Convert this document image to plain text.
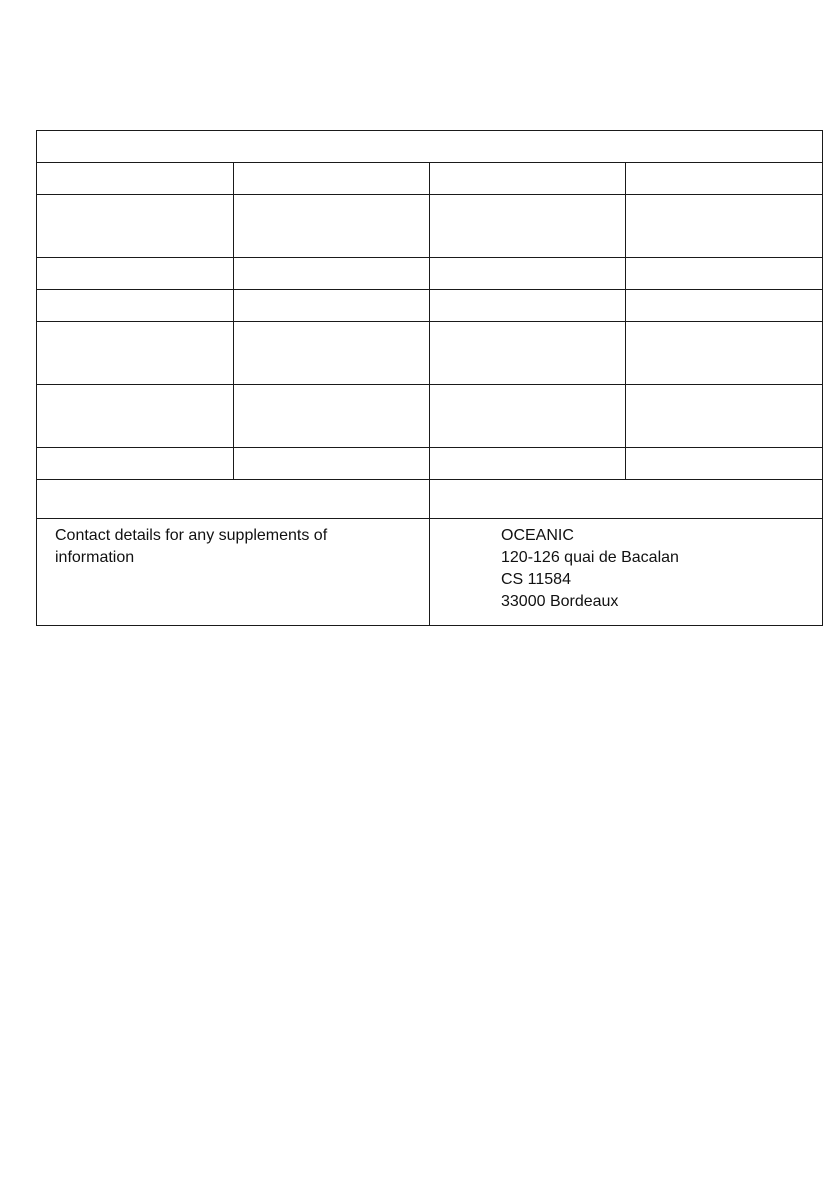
Contact details for any supplements of information		OCEANIC
120-126 quai de Bacalan
CS 11584
33000 Bordeaux	
